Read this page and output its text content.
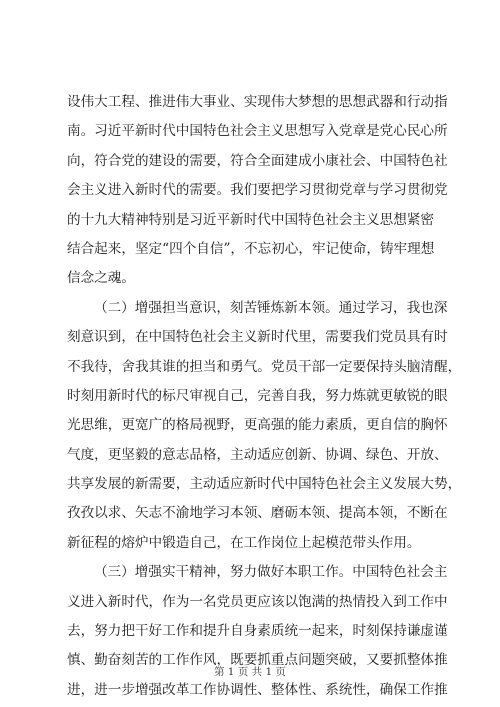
设伟大工程、推进伟大事业、实现伟大梦想的思想武器和行动指
南。习近平新时代中国特色社会主义思想写入党章是党心民心所
向，符合党的建设的需要，符合全面建成小康社会、中国特色社
会主义进入新时代的需要。我们要把学习贯彻党章与学习贯彻党
的十九大精神特别是习近平新时代中国特色社会主义思想紧密
结合起来，坚定“四个自信”，不忘初心，牢记使命，铸牢理想
信念之魂。
（二）增强担当意识，刻苦锤炼新本领。通过学习，我也深
刻意识到，在中国特色社会主义新时代里，需要我们党员具有时
不我待，舍我其谁的担当和勇气。党员干部一定要保持头脑清醒，
时刻用新时代的标尺审视自己，完善自我，努力炼就更敏锐的眼
光思维，更宽广的格局视野，更高强的能力素质，更自信的胸怀
气度，更坚毅的意志品格，主动适应创新、协调、绿色、开放、
共享发展的新需要，主动适应新时代中国特色社会主义发展大势，
孜孜以求、矢志不渝地学习本领、磨砺本领、提高本领，不断在
新征程的熔炉中锻造自己，在工作岗位上起模范带头作用。
（三）增强实干精神，努力做好本职工作。中国特色社会主
义进入新时代，作为一名党员更应该以饱满的热情投入到工作中
去，努力把干好工作和提升自身素质统一起来，时刻保持谦虚谨
慎、勤奋刻苦的工作作风，既要抓重点问题突破，又要抓整体推
进，进一步增强改革工作协调性、整体性、系统性，确保工作推
第 1 页 共 1 页
